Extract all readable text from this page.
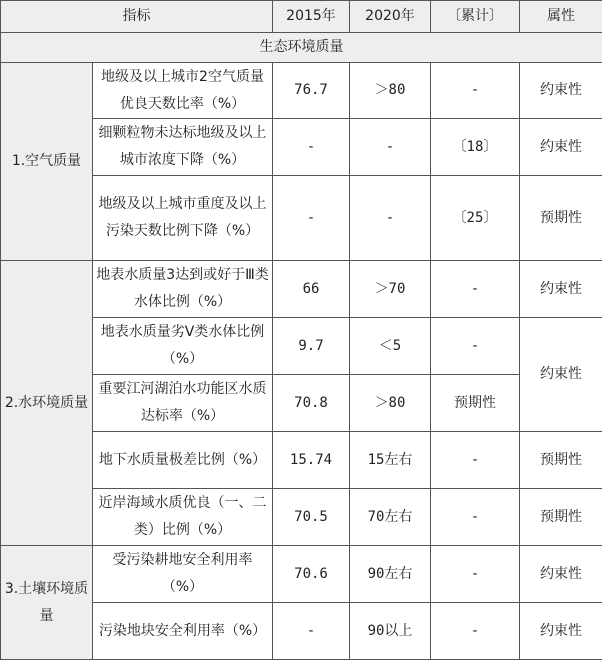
指标		2015年	2020年	〔累计〕	属性
生态环境质量					
1.空气质量	地级及以上城市2空气质量优良天数比率（%）	76.7	＞80	-	约束性
	细颗粒物未达标地级及以上城市浓度下降（%）	-	-	〔18〕	约束性
	地级及以上城市重度及以上污染天数比例下降（%）	-	-	〔25〕	预期性
2.水环境质量	地表水质量3达到或好于Ⅲ类水体比例（%）	66	＞70	-	约束性
	地表水质量劣Ⅴ类水体比例（%）	9.7	＜5	-	约束性
	重要江河湖泊水功能区水质达标率（%）	70.8	＞80	预期性	
	地下水质量极差比例（%）	15.74	15左右	-	预期性
	近岸海域水质优良（一、二类）比例（%）	70.5	70左右	-	预期性
3.土壤环境质量	受污染耕地安全利用率（%）	70.6	90左右	-	约束性
	污染地块安全利用率（%）	-	90以上	-	约束性
